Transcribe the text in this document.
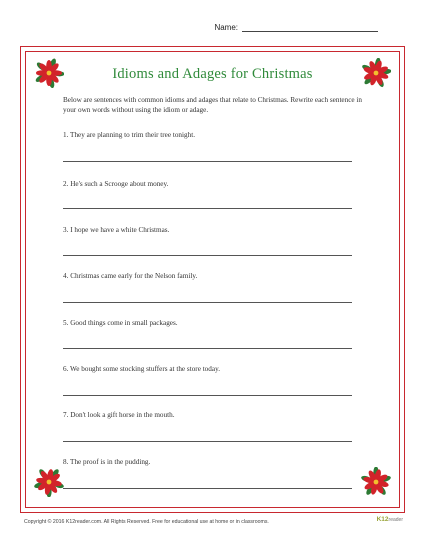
Name:
Idioms and Adages for Christmas
Below are sentences with common idioms and adages that relate to Christmas. Rewrite each sentence in your own words without using the idiom or adage.
1. They are planning to trim their tree tonight.
2. He's such a Scrooge about money.
3. I hope we have a white Christmas.
4. Christmas came early for the Nelson family.
5. Good things come in small packages.
6. We bought some stocking stuffers at the store today.
7. Don't look a gift horse in the mouth.
8. The proof is in the pudding.
Copyright © 2016 K12reader.com. All Rights Reserved. Free for educational use at home or in classrooms.	K12reader
